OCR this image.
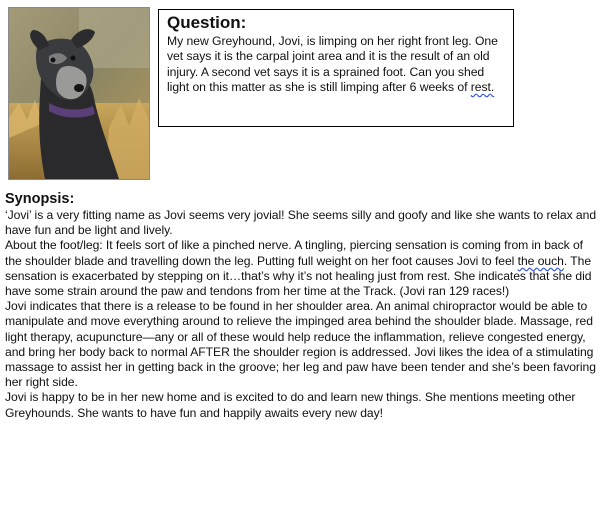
Question:
My new Greyhound, Jovi, is limping on her right front leg. One vet says it is the carpal joint area and it is the result of an old injury. A second vet says it is a sprained foot. Can you shed light on this matter as she is still limping after 6 weeks of rest.
Synopsis:

‘Jovi’ is a very fitting name as Jovi seems very jovial! She seems silly and goofy and like she wants to relax and have fun and be light and lively.

About the foot/leg: It feels sort of like a pinched nerve. A tingling, piercing sensation is coming from in back of the shoulder blade and travelling down the leg. Putting full weight on her foot causes Jovi to feel the ouch. The sensation is exacerbated by stepping on it…that’s why it’s not healing just from rest. She indicates that she did have some strain around the paw and tendons from her time at the Track. (Jovi ran 129 races!)

Jovi indicates that there is a release to be found in her shoulder area. An animal chiropractor would be able to manipulate and move everything around to relieve the impinged area behind the shoulder blade. Massage, red light therapy, acupuncture—any or all of these would help reduce the inflammation, relieve congested energy, and bring her body back to normal AFTER the shoulder region is addressed. Jovi likes the idea of a stimulating massage to assist her in getting back in the groove; her leg and paw have been tender and she’s been favoring her right side.

Jovi is happy to be in her new home and is excited to do and learn new things. She mentions meeting other Greyhounds. She wants to have fun and happily awaits every new day!
